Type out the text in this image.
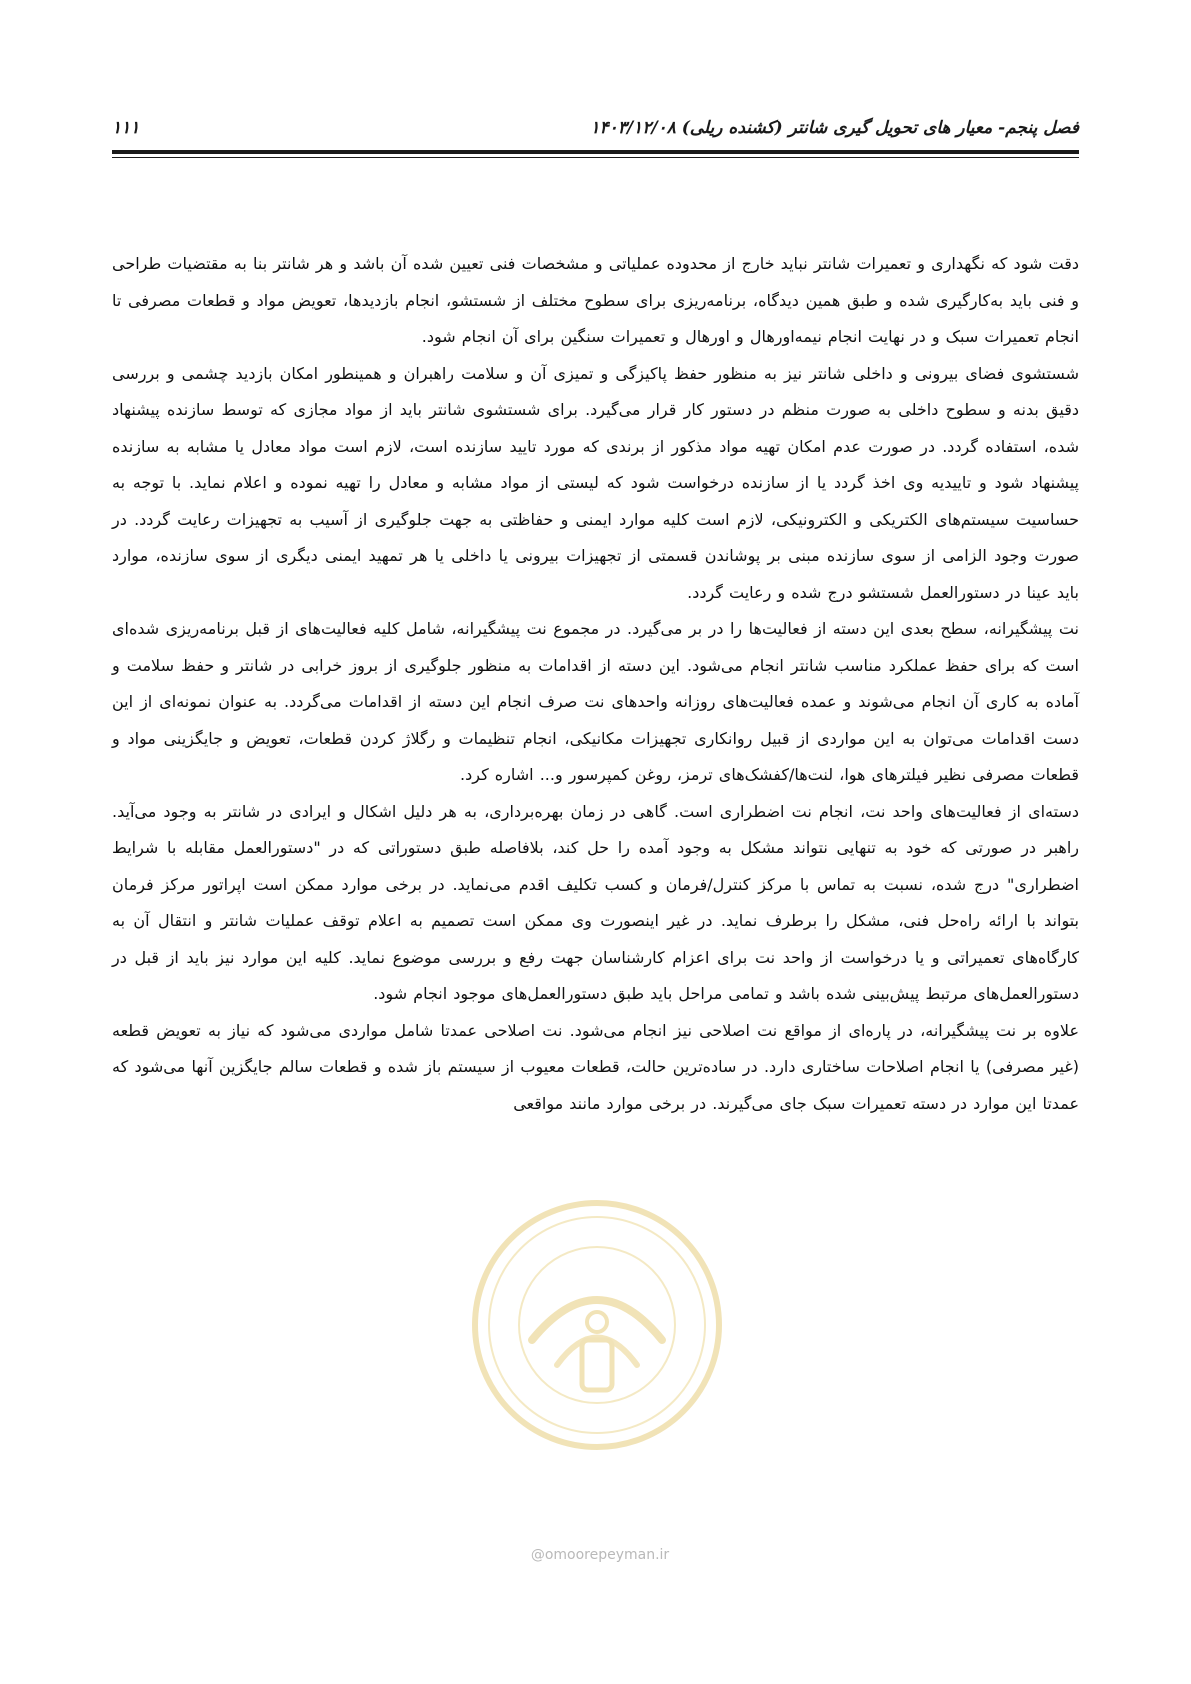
فصل پنجم- معیار های تحویل گیری شانتر (کشنده ریلی) ۱۴۰۳/۱۲/۰۸
۱۱۱

دقت شود که نگهداری و تعمیرات شانتر نباید خارج از محدوده عملیاتی و مشخصات فنی تعیین شده آن باشد و هر شانتر بنا به مقتضیات طراحی و فنی باید به‌کارگیری شده و طبق همین دیدگاه، برنامه‌ریزی برای سطوح مختلف از شستشو، انجام بازدیدها، تعویض مواد و قطعات مصرفی تا انجام تعمیرات سبک و در نهایت انجام نیمه‌اورهال و اورهال و تعمیرات سنگین برای آن انجام شود.

شستشوی فضای بیرونی و داخلی شانتر نیز به منظور حفظ پاکیزگی و تمیزی آن و سلامت راهبران و همینطور امکان بازدید چشمی و بررسی دقیق بدنه و سطوح داخلی به صورت منظم در دستور کار قرار می‌گیرد. برای شستشوی شانتر باید از مواد مجازی که توسط سازنده پیشنهاد شده، استفاده گردد. در صورت عدم امکان تهیه مواد مذکور از برندی که مورد تایید سازنده است، لازم است مواد معادل یا مشابه به سازنده پیشنهاد شود و تاییدیه وی اخذ گردد یا از سازنده درخواست شود که لیستی از مواد مشابه و معادل را تهیه نموده و اعلام نماید. با توجه به حساسیت سیستم‌های الکتریکی و الکترونیکی، لازم است کلیه موارد ایمنی و حفاظتی به جهت جلوگیری از آسیب به تجهیزات رعایت گردد. در صورت وجود الزامی از سوی سازنده مبنی بر پوشاندن قسمتی از تجهیزات بیرونی یا داخلی یا هر تمهید ایمنی دیگری از سوی سازنده، موارد باید عینا در دستورالعمل شستشو درج شده و رعایت گردد.

نت پیشگیرانه، سطح بعدی این دسته از فعالیت‌ها را در بر می‌گیرد. در مجموع نت پیشگیرانه، شامل کلیه فعالیت‌های از قبل برنامه‌ریزی شده‌ای است که برای حفظ عملکرد مناسب شانتر انجام می‌شود. این دسته از اقدامات به منظور جلوگیری از بروز خرابی در شانتر و حفظ سلامت و آماده به کاری آن انجام می‌شوند و عمده فعالیت‌های روزانه واحدهای نت صرف انجام این دسته از اقدامات می‌گردد. به عنوان نمونه‌ای از این دست اقدامات می‌توان به این مواردی از قبیل روانکاری تجهیزات مکانیکی، انجام تنظیمات و رگلاژ کردن قطعات، تعویض و جایگزینی مواد و قطعات مصرفی نظیر فیلترهای هوا، لنت‌ها/کفشک‌های ترمز، روغن کمپرسور و... اشاره کرد.

دسته‌ای از فعالیت‌های واحد نت، انجام نت اضطراری است. گاهی در زمان بهره‌برداری، به هر دلیل اشکال و ایرادی در شانتر به وجود می‌آید. راهبر در صورتی که خود به تنهایی نتواند مشکل به وجود آمده را حل کند، بلافاصله طبق دستوراتی که در "دستورالعمل مقابله با شرایط اضطراری" درج شده، نسبت به تماس با مرکز کنترل/فرمان و کسب تکلیف اقدم می‌نماید. در برخی موارد ممکن است اپراتور مرکز فرمان بتواند با ارائه راه‌حل فنی، مشکل را برطرف نماید. در غیر اینصورت وی ممکن است تصمیم به اعلام توقف عملیات شانتر و انتقال آن به کارگاه‌های تعمیراتی و یا درخواست از واحد نت برای اعزام کارشناسان جهت رفع و بررسی موضوع نماید. کلیه این موارد نیز باید از قبل در دستورالعمل‌های مرتبط پیش‌بینی شده باشد و تمامی مراحل باید طبق دستورالعمل‌های موجود انجام شود.

علاوه بر نت پیشگیرانه، در پاره‌ای از مواقع نت اصلاحی نیز انجام می‌شود. نت اصلاحی عمدتا شامل مواردی می‌شود که نیاز به تعویض قطعه (غیر مصرفی) یا انجام اصلاحات ساختاری دارد. در ساده‌ترین حالت، قطعات معیوب از سیستم باز شده و قطعات سالم جایگزین آنها می‌شود که عمدتا این موارد در دسته تعمیرات سبک جای می‌گیرند. در برخی موارد مانند مواقعی

@omoorepeyman.ir
